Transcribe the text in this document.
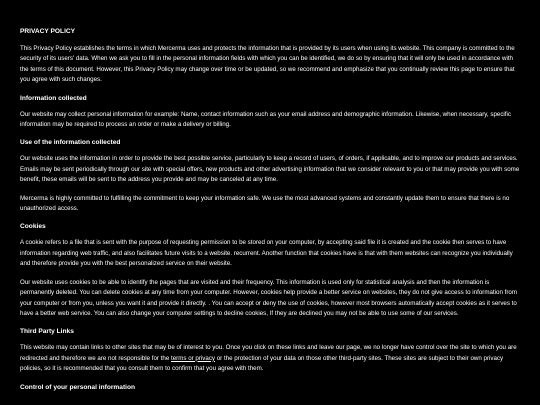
PRIVACY POLICY

This Privacy Policy establishes the terms in which Mercerma uses and protects the information that is provided by its users when using its website. This company is committed to the security of its users' data. When we ask you to fill in the personal information fields with which you can be identified, we do so by ensuring that it will only be used in accordance with the terms of this document. However, this Privacy Policy may change over time or be updated, so we recommend and emphasize that you continually review this page to ensure that you agree with such changes.

Information collected

Our website may collect personal information for example: Name, contact information such as your email address and demographic information. Likewise, when necessary, specific information may be required to process an order or make a delivery or billing.

Use of the information collected

Our website uses the information in order to provide the best possible service, particularly to keep a record of users, of orders, if applicable, and to improve our products and services. Emails may be sent periodically through our site with special offers, new products and other advertising information that we consider relevant to you or that may provide you with some benefit, these emails will be sent to the address you provide and may be canceled at any time.

Mercerma is highly committed to fulfilling the commitment to keep your information safe. We use the most advanced systems and constantly update them to ensure that there is no unauthorized access.

Cookies

A cookie refers to a file that is sent with the purpose of requesting permission to be stored on your computer, by accepting said file it is created and the cookie then serves to have information regarding web traffic, and also facilitates future visits to a website. recurrent. Another function that cookies have is that with them websites can recognize you individually and therefore provide you with the best personalized service on their website.

Our website uses cookies to be able to identify the pages that are visited and their frequency. This information is used only for statistical analysis and then the information is permanently deleted. You can delete cookies at any time from your computer. However, cookies help provide a better service on websites, they do not give access to information from your computer or from you, unless you want it and provide it directly. . You can accept or deny the use of cookies, however most browsers automatically accept cookies as it serves to have a better web service. You can also change your computer settings to decline cookies, If they are declined you may not be able to use some of our services.

Third Party Links

This website may contain links to other sites that may be of interest to you. Once you click on these links and leave our page, we no longer have control over the site to which you are redirected and therefore we are not responsible for the terms or privacy or the protection of your data on those other third-party sites. These sites are subject to their own privacy policies, so it is recommended that you consult them to confirm that you agree with them.

Control of your personal information
